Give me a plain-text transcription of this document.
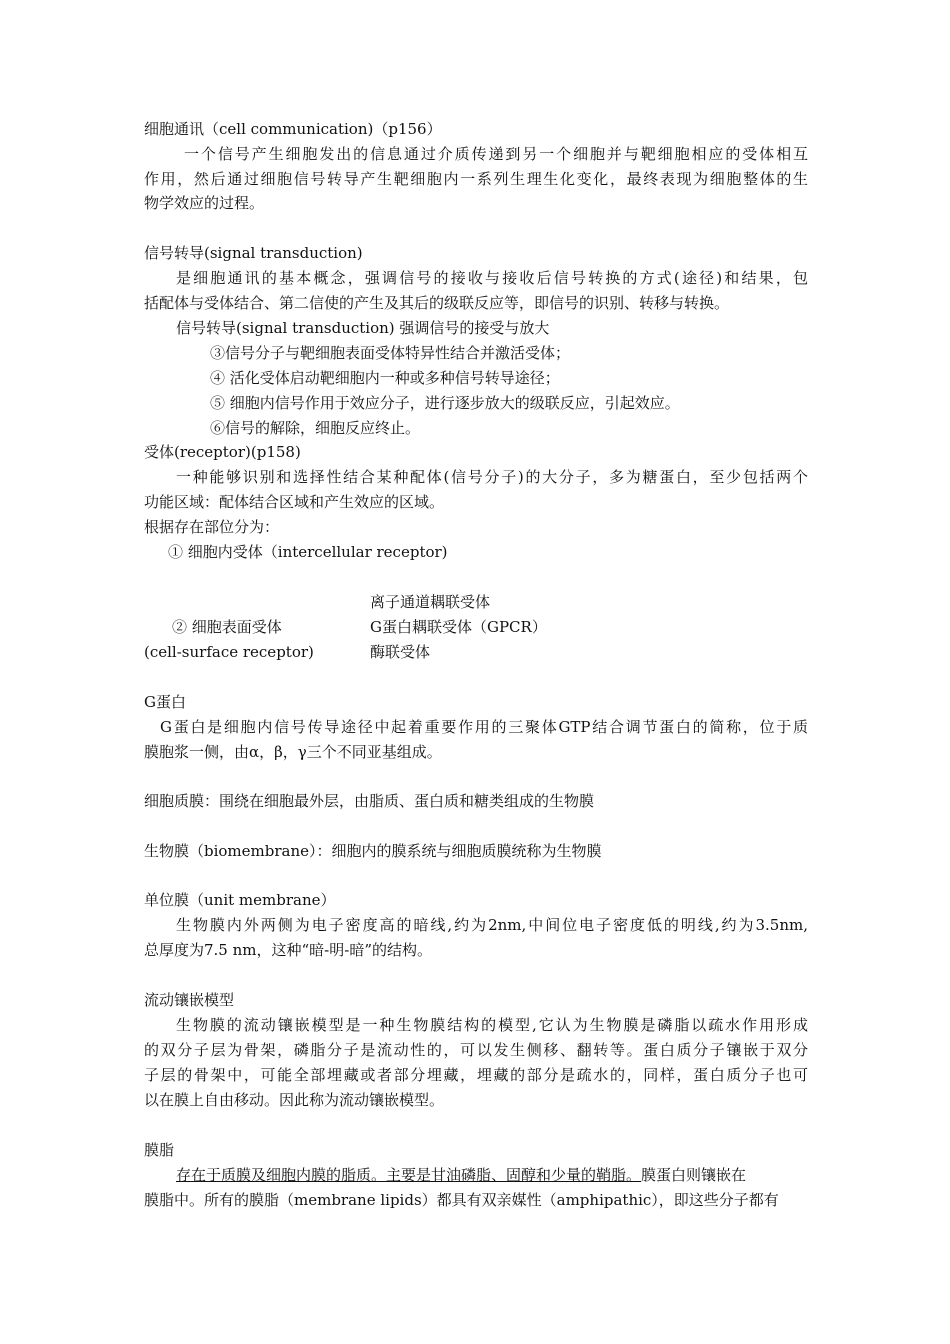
细胞通讯（cell communication)（p156）
一个信号产生细胞发出的信息通过介质传递到另一个细胞并与靶细胞相应的受体相互
作用，然后通过细胞信号转导产生靶细胞内一系列生理生化变化，最终表现为细胞整体的生
物学效应的过程。
信号转导(signal transduction)
是细胞通讯的基本概念，强调信号的接收与接收后信号转换的方式(途径)和结果，包
括配体与受体结合、第二信使的产生及其后的级联反应等，即信号的识别、转移与转换。
信号转导(signal transduction) 强调信号的接受与放大
③信号分子与靶细胞表面受体特异性结合并激活受体；
④ 活化受体启动靶细胞内一种或多种信号转导途径；
⑤ 细胞内信号作用于效应分子，进行逐步放大的级联反应，引起效应。
⑥信号的解除，细胞反应终止。
受体(receptor)(p158)
一种能够识别和选择性结合某种配体(信号分子)的大分子，多为糖蛋白，至少包括两个
功能区域：配体结合区域和产生效应的区域。
根据存在部位分为：
① 细胞内受体（intercellular receptor)
离子通道耦联受体
② 细胞表面受体	G蛋白耦联受体（GPCR）
(cell-surface receptor)	酶联受体
G蛋白
G蛋白是细胞内信号传导途径中起着重要作用的三聚体GTP结合调节蛋白的简称，位于质
膜胞浆一侧，由α，β，γ三个不同亚基组成。
细胞质膜：围绕在细胞最外层，由脂质、蛋白质和糖类组成的生物膜
生物膜（biomembrane）：细胞内的膜系统与细胞质膜统称为生物膜
单位膜（unit membrane）
生物膜内外两侧为电子密度高的暗线,约为2nm,中间位电子密度低的明线,约为3.5nm,
总厚度为7.5 nm，这种“暗-明-暗”的结构。
流动镶嵌模型
生物膜的流动镶嵌模型是一种生物膜结构的模型,它认为生物膜是磷脂以疏水作用形成
的双分子层为骨架，磷脂分子是流动性的，可以发生侧移、翻转等。蛋白质分子镶嵌于双分
子层的骨架中，可能全部埋藏或者部分埋藏，埋藏的部分是疏水的，同样，蛋白质分子也可
以在膜上自由移动。因此称为流动镶嵌模型。
膜脂
存在于质膜及细胞内膜的脂质。主要是甘油磷脂、固醇和少量的鞘脂。膜蛋白则镶嵌在
膜脂中。所有的膜脂（membrane lipids）都具有双亲媒性（amphipathic），即这些分子都有
